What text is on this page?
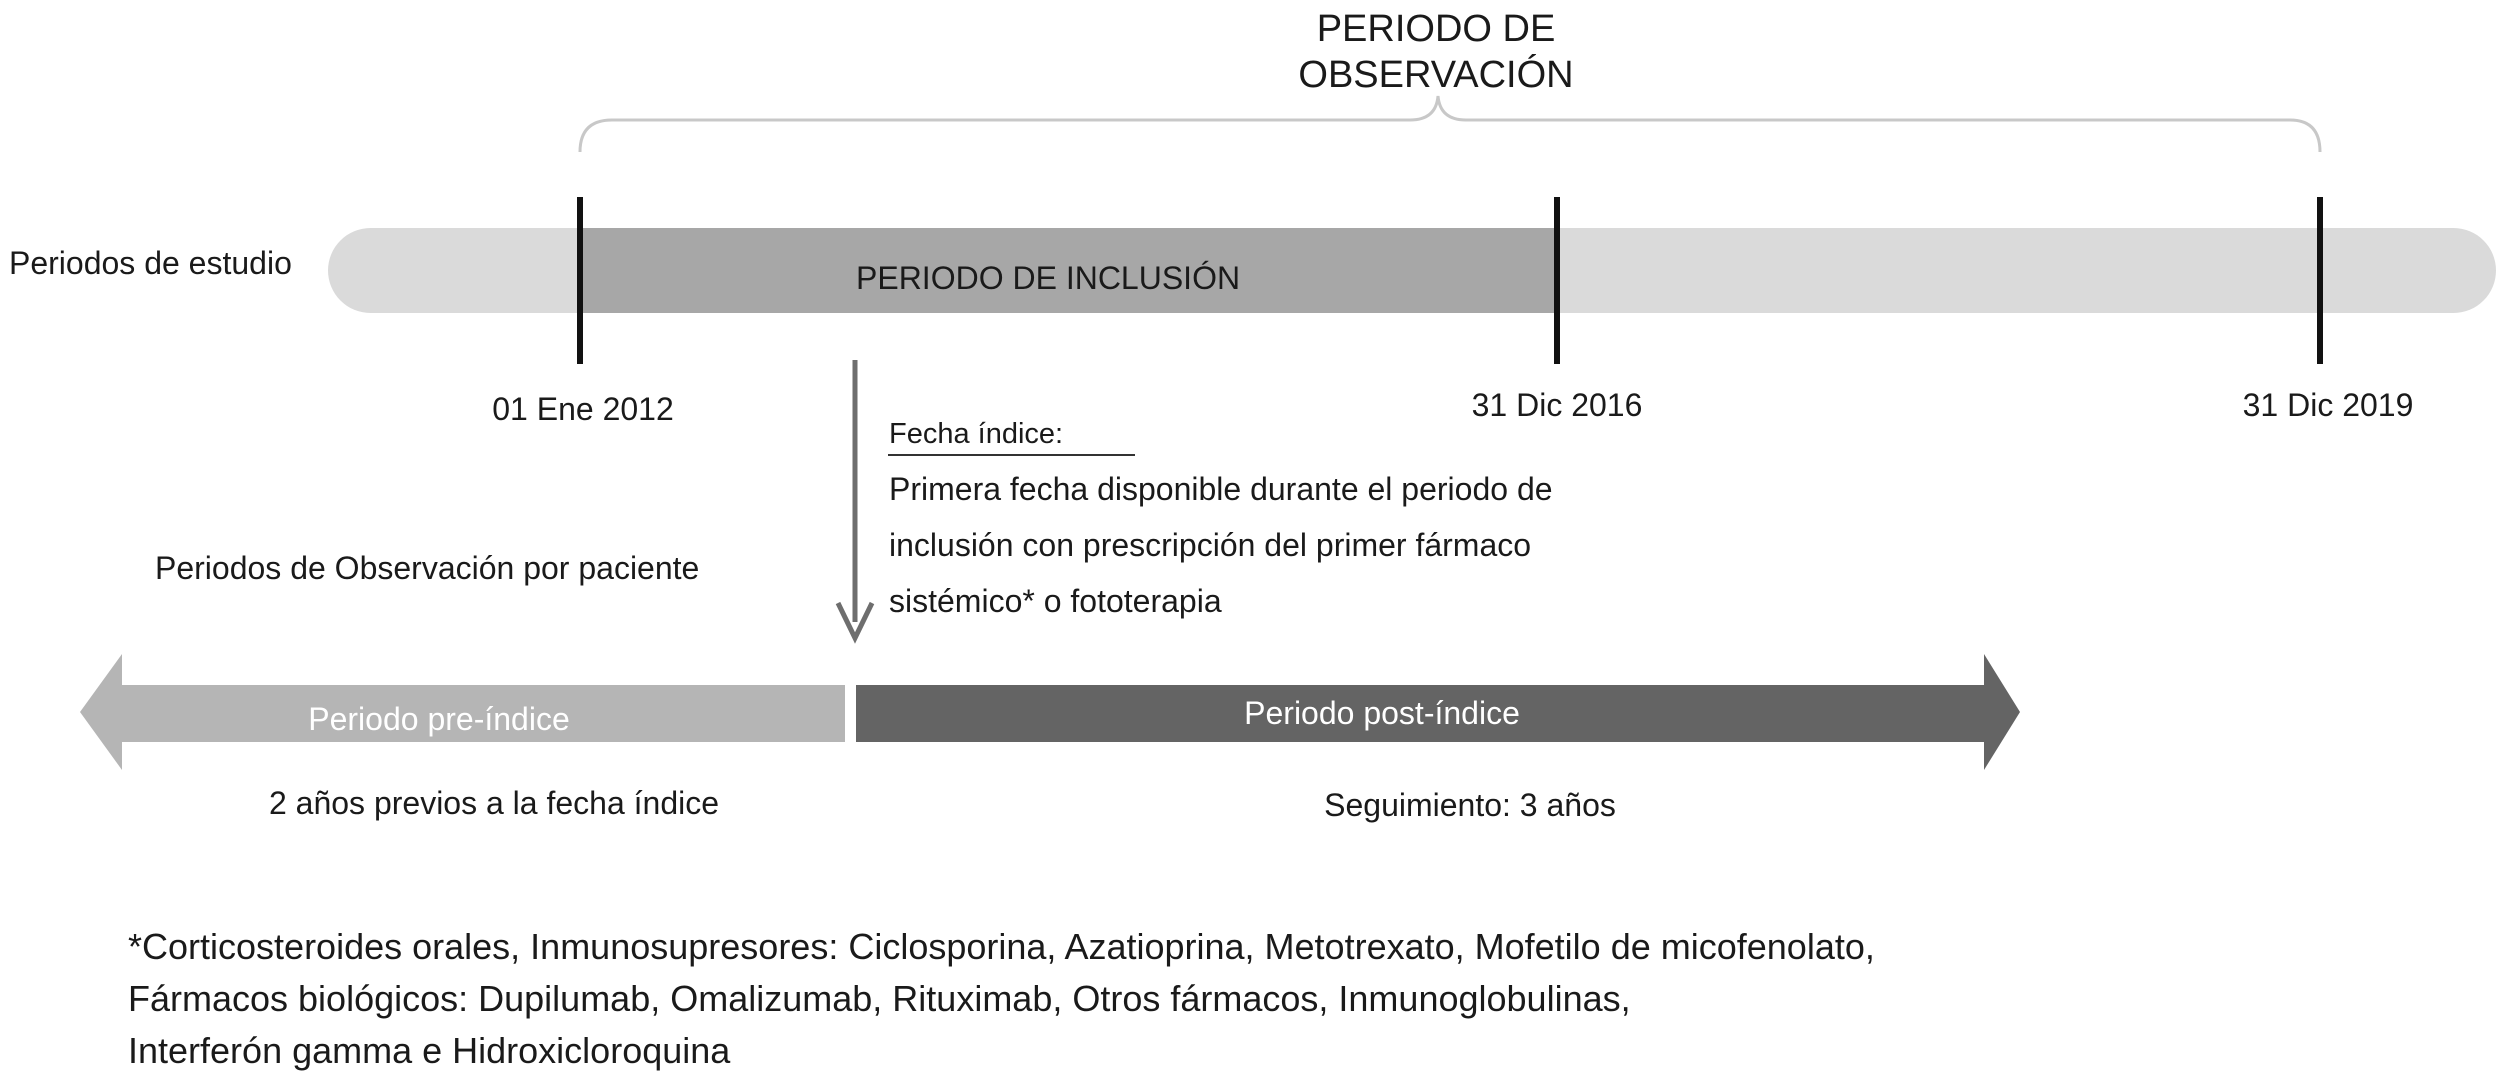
PERIODO DE
OBSERVACIÓN
Periodos de estudio	PERIODO DE INCLUSIÓN
01 Ene 2012	31 Dic 2016	31 Dic 2019
Fecha índice:
Primera fecha disponible durante el periodo de
inclusión con prescripción del primer fármaco
sistémico* o fototerapia
Periodos de Observación por paciente
Periodo pre-índice	Periodo post-índice
2 años previos a la fecha índice	Seguimiento: 3 años
*Corticosteroides orales, Inmunosupresores: Ciclosporina, Azatioprina, Metotrexato, Mofetilo de micofenolato,
Fármacos biológicos: Dupilumab, Omalizumab, Rituximab, Otros fármacos, Inmunoglobulinas,
Interferón gamma e Hidroxicloroquina
